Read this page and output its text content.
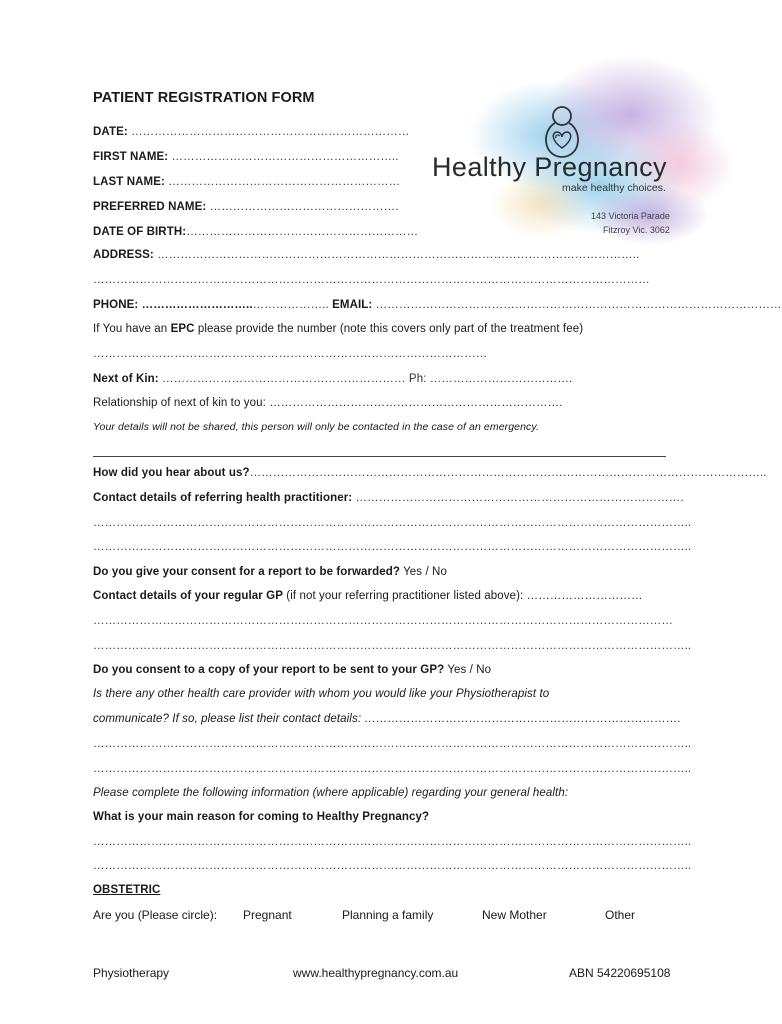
Healthy Pregnancy
make healthy choices.
143 Victoria Parade
Fitzroy Vic. 3062
PATIENT REGISTRATION FORM
DATE: ………………………………………………………………
FIRST NAME: …………………………………………………..
LAST NAME: ……………………………………………………
PREFERRED NAME: ………………………………………….
DATE OF BIRTH:……………………………………………………
ADDRESS: ……………………………………………………………………………………………………………..
………………………………………………………………………………………………………………………………
PHONE: ………………………..……………….. EMAIL: ……………………………………………………………………………………………
If You have an EPC please provide the number (note this covers only part of the treatment fee)
…………………………………………………………………………………………
Next of Kin: ……………………………………………………… Ph: ……………………………….
Relationship of next of kin to you: ………………………………………………………………….
Your details will not be shared, this person will only be contacted in the case of an emergency.
How did you hear about us?……………………………………………………………………………………………………………………..
Contact details of referring health practitioner: ………………………………………………………………………….
………………………………………………………………………………………………………………………………………..
………………………………………………………………………………………………………………………………………..
Do you give your consent for a report to be forwarded? Yes / No
Contact details of your regular GP (if not your referring practitioner listed above): …………………………
……………………………………………………………………………………………………………………………………
………………………………………………………………………………………………………………………………………..
Do you consent to a copy of your report to be sent to your GP? Yes / No
Is there any other health care provider with whom you would like your Physiotherapist to
communicate? If so, please list their contact details: ……………………………………………………………………….
………………………………………………………………………………………………………………………………………..
………………………………………………………………………………………………………………………………………..
Please complete the following information (where applicable) regarding your general health:
What is your main reason for coming to Healthy Pregnancy?
………………………………………………………………………………………………………………………………………..
………………………………………………………………………………………………………………………………………..
OBSTETRIC
Are you (Please circle): Pregnant	Planning a family	New Mother	Other
Physiotherapy	www.healthypregnancy.com.au	ABN 54220695108
